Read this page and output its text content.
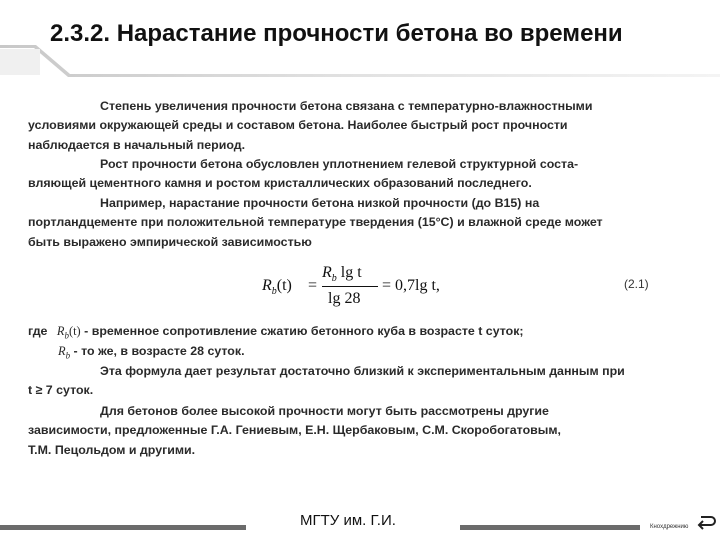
2.3.2. Нарастание прочности бетона во времени
Степень увеличения прочности бетона связана с температурно-влажностными
условиями окружающей среды и составом бетона. Наиболее быстрый рост прочности
наблюдается в начальный период.
Рост прочности бетона обусловлен уплотнением гелевой структурной соста-
вляющей цементного камня и ростом кристаллических образований последнего.
Например, нарастание прочности бетона низкой прочности (до B15) на
портландцементе при положительной температуре твердения (15°С) и влажной среде может
быть выражено эмпирической зависимостью
$R_b(t)$ =
$R_b$ lg t
lg 28
= 0,7lg t,	(2.1)
где $R_b(t)$ - временное сопротивление сжатию бетонного куба в возрасте t суток;
$R_b$ - то же, в возрасте 28 суток.
Эта формула дает результат достаточно близкий к экспериментальным данным при
t ≥ 7 суток.
Для бетонов более высокой прочности могут быть рассмотрены другие
зависимости, предложенные Г.А. Гениевым, Е.Н. Щербаковым, С.М. Скоробогатовым,
Т.М. Пецольдом и другими.
МГТУ им. Г.И.	Кнохдрежнию
